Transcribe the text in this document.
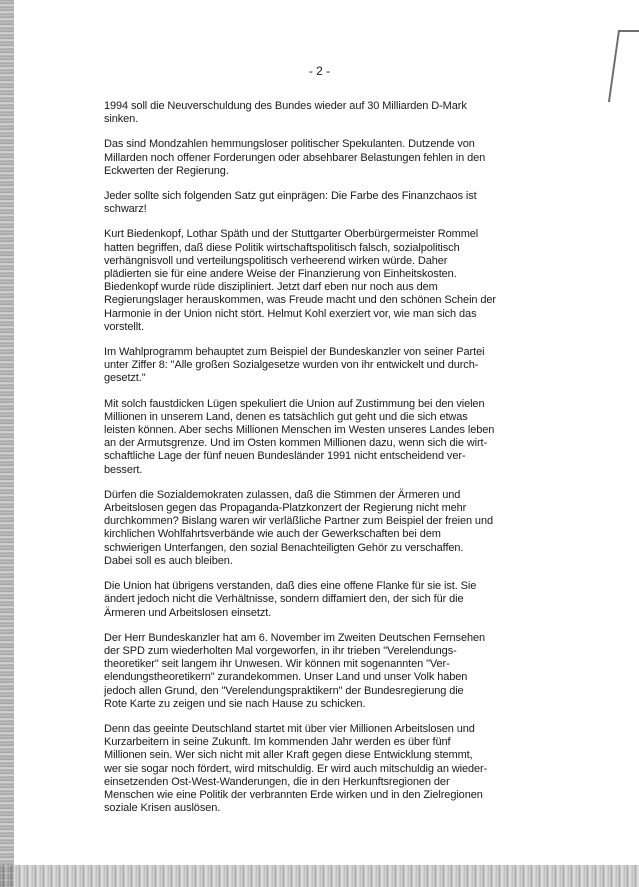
- 2 -

1994 soll die Neuverschuldung des Bundes wieder auf 30 Milliarden D-Mark
sinken.

Das sind Mondzahlen hemmungsloser politischer Spekulanten. Dutzende von
Millarden noch offener Forderungen oder absehbarer Belastungen fehlen in den
Eckwerten der Regierung.

Jeder sollte sich folgenden Satz gut einprägen: Die Farbe des Finanzchaos ist
schwarz!

Kurt Biedenkopf, Lothar Späth und der Stuttgarter Oberbürgermeister Rommel
hatten begriffen, daß diese Politik wirtschaftspolitisch falsch, sozialpolitisch
verhängnisvoll und verteilungspolitisch verheerend wirken würde. Daher
plädierten sie für eine andere Weise der Finanzierung von Einheitskosten.
Biedenkopf wurde rüde diszipliniert. Jetzt darf eben nur noch aus dem
Regierungslager herauskommen, was Freude macht und den schönen Schein der
Harmonie in der Union nicht stört. Helmut Kohl exerziert vor, wie man sich das
vorstellt.

Im Wahlprogramm behauptet zum Beispiel der Bundeskanzler von seiner Partei
unter Ziffer 8: "Alle großen Sozialgesetze wurden von ihr entwickelt und durch-
gesetzt."

Mit solch faustdicken Lügen spekuliert die Union auf Zustimmung bei den vielen
Millionen in unserem Land, denen es tatsächlich gut geht und die sich etwas
leisten können. Aber sechs Millionen Menschen im Westen unseres Landes leben
an der Armutsgrenze. Und im Osten kommen Millionen dazu, wenn sich die wirt-
schaftliche Lage der fünf neuen Bundesländer 1991 nicht entscheidend ver-
bessert.

Dürfen die Sozialdemokraten zulassen, daß die Stimmen der Ärmeren und
Arbeitslosen gegen das Propaganda-Platzkonzert der Regierung nicht mehr
durchkommen? Bislang waren wir verläßliche Partner zum Beispiel der freien und
kirchlichen Wohlfahrtsverbände wie auch der Gewerkschaften bei dem
schwierigen Unterfangen, den sozial Benachteiligten Gehör zu verschaffen.
Dabei soll es auch bleiben.

Die Union hat übrigens verstanden, daß dies eine offene Flanke für sie ist. Sie
ändert jedoch nicht die Verhältnisse, sondern diffamiert den, der sich für die
Ärmeren und Arbeitslosen einsetzt.

Der Herr Bundeskanzler hat am 6. November im Zweiten Deutschen Fernsehen
der SPD zum wiederholten Mal vorgeworfen, in ihr trieben "Verelendungs-
theoretiker" seit langem ihr Unwesen. Wir können mit sogenannten "Ver-
elendungstheoretikern" zurandekommen. Unser Land und unser Volk haben
jedoch allen Grund, den "Verelendungspraktikern" der Bundesregierung die
Rote Karte zu zeigen und sie nach Hause zu schicken.

Denn das geeinte Deutschland startet mit über vier Millionen Arbeitslosen und
Kurzarbeitern in seine Zukunft. Im kommenden Jahr werden es über fünf
Millionen sein. Wer sich nicht mit aller Kraft gegen diese Entwicklung stemmt,
wer sie sogar noch fördert, wird mitschuldig. Er wird auch mitschuldig an wieder-
einsetzenden Ost-West-Wanderungen, die in den Herkunftsregionen der
Menschen wie eine Politik der verbrannten Erde wirken und in den Zielregionen
soziale Krisen auslösen.
